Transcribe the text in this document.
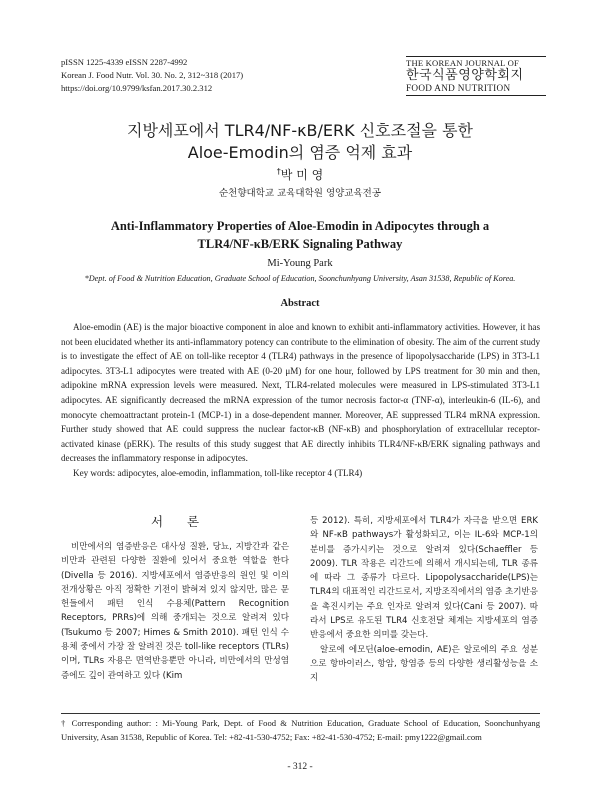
pISSN 1225-4339 eISSN 2287-4992
Korean J. Food Nutr. Vol. 30. No. 2, 312~318 (2017)
https://doi.org/10.9799/ksfan.2017.30.2.312
THE KOREAN JOURNAL OF
한국식품영양학회지
FOOD AND NUTRITION
지방세포에서 TLR4/NF-κB/ERK 신호조절을 통한
Aloe-Emodin의 염증 억제 효과
†박 미 영
순천향대학교 교육대학원 영양교육전공
Anti-Inflammatory Properties of Aloe-Emodin in Adipocytes through a
TLR4/NF-κB/ERK Signaling Pathway
Mi-Young Park
*Dept. of Food & Nutrition Education, Graduate School of Education, Soonchunhyang University, Asan 31538, Republic of Korea.
Abstract

Aloe-emodin (AE) is the major bioactive component in aloe and known to exhibit anti-inflammatory activities. However, it has not been elucidated whether its anti-inflammatory potency can contribute to the elimination of obesity. The aim of the current study is to investigate the effect of AE on toll-like receptor 4 (TLR4) pathways in the presence of lipopolysaccharide (LPS) in 3T3-L1 adipocytes. 3T3-L1 adipocytes were treated with AE (0-20 μM) for one hour, followed by LPS treatment for 30 min and then, adipokine mRNA expression levels were measured. Next, TLR4-related molecules were measured in LPS-stimulated 3T3-L1 adipocytes. AE significantly decreased the mRNA expression of the tumor necrosis factor-α (TNF-α), interleukin-6 (IL-6), and monocyte chemoattractant protein-1 (MCP-1) in a dose-dependent manner. Moreover, AE suppressed TLR4 mRNA expression. Further study showed that AE could suppress the nuclear factor-κB (NF-κB) and phosphorylation of extracellular receptor-activated kinase (pERK). The results of this study suggest that AE directly inhibits TLR4/NF-κB/ERK signaling pathways and decreases the inflammatory response in adipocytes.

Key words: adipocytes, aloe-emodin, inflammation, toll-like receptor 4 (TLR4)

서 론

비만에서의 염증반응은 대사성 질환, 당뇨, 지방간과 같은 비만과 관련된 다양한 질환에 있어서 중요한 역할을 한다(Divella 등 2016). 지방세포에서 염증반응의 원인 및 이의 전개상황은 아직 정확한 기전이 밝혀져 있지 않지만, 많은 문헌들에서 패턴 인식 수용체(Pattern Recognition Receptors, PRRs)에 의해 중개되는 것으로 알려져 있다(Tsukumo 등 2007; Himes & Smith 2010). 패턴 인식 수용체 중에서 가장 잘 알려진 것은 toll-like receptors (TLRs)이며, TLRs 자용은 면역반응뿐만 아니라, 비만에서의 만성염증에도 깊이 관여하고 있다 (Kim

등 2012). 특히, 지방세포에서 TLR4가 자극을 받으면 ERK와 NF-κB pathways가 활성화되고, 이는 IL-6와 MCP-1의 분비를 증가시키는 것으로 알려져 있다(Schaeffler 등 2009). TLR 작용은 리간드에 의해서 개시되는데, TLR 종류에 따라 그 종류가 다르다. Lipopolysaccharide(LPS)는 TLR4의 대표적인 리간드로서, 지방조직에서의 염증 초기반응을 촉진시키는 주요 인자로 알려져 있다(Cani 등 2007). 따라서 LPS로 유도된 TLR4 신호전달 체계는 지방세포의 염증반응에서 중요한 의미를 갖는다.

알로에 에모딘(aloe-emodin, AE)은 알로에의 주요 성분으로 항바이러스, 항암, 항염증 등의 다양한 생리활성능을 소지

† Corresponding author: : Mi-Young Park, Dept. of Food & Nutrition Education, Graduate School of Education, Soonchunhyang University, Asan 31538, Republic of Korea. Tel: +82-41-530-4752; Fax: +82-41-530-4752; E-mail: pmy1222@gmail.com
- 312 -
